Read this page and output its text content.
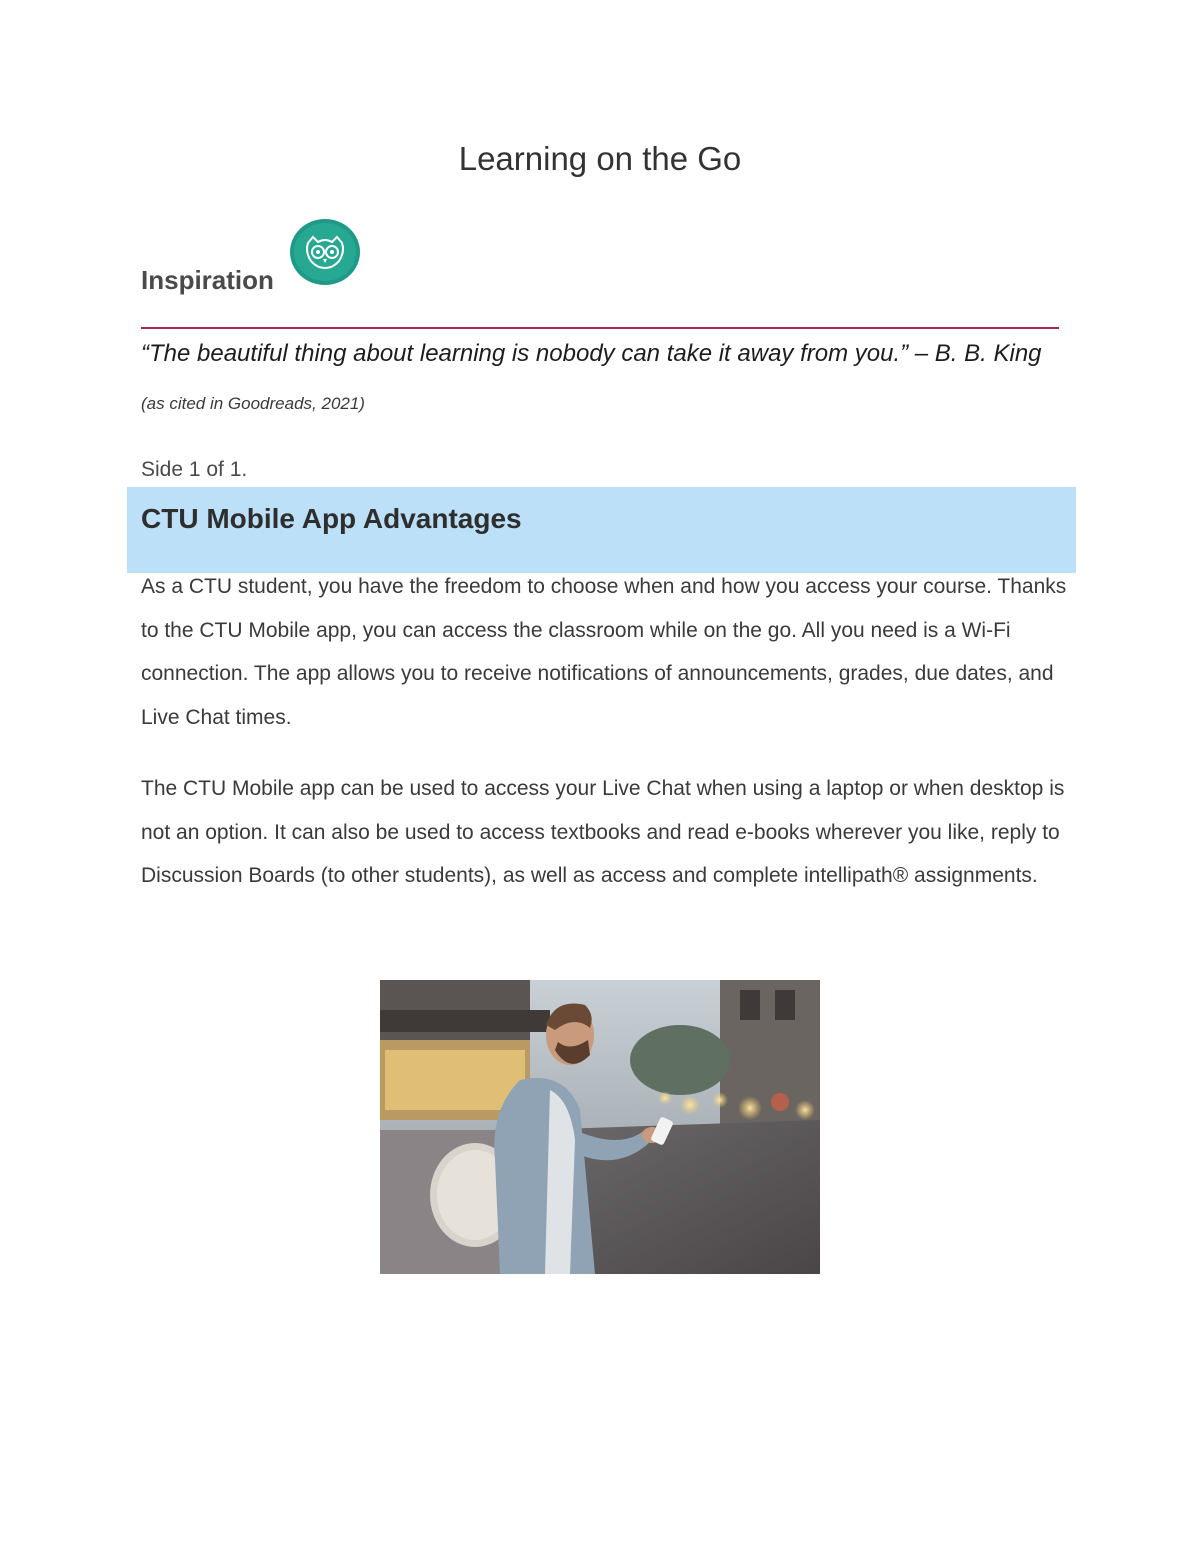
Learning on the Go
Inspiration

“The beautiful thing about learning is nobody can take it away from you.” – B. B. King (as cited in Goodreads, 2021)

Side 1 of 1.

CTU Mobile App Advantages

As a CTU student, you have the freedom to choose when and how you access your course. Thanks to the CTU Mobile app, you can access the classroom while on the go. All you need is a Wi-Fi connection. The app allows you to receive notifications of announcements, grades, due dates, and Live Chat times.

The CTU Mobile app can be used to access your Live Chat when using a laptop or when desktop is not an option. It can also be used to access textbooks and read e-books wherever you like, reply to Discussion Boards (to other students), as well as access and complete intellipath® assignments.
